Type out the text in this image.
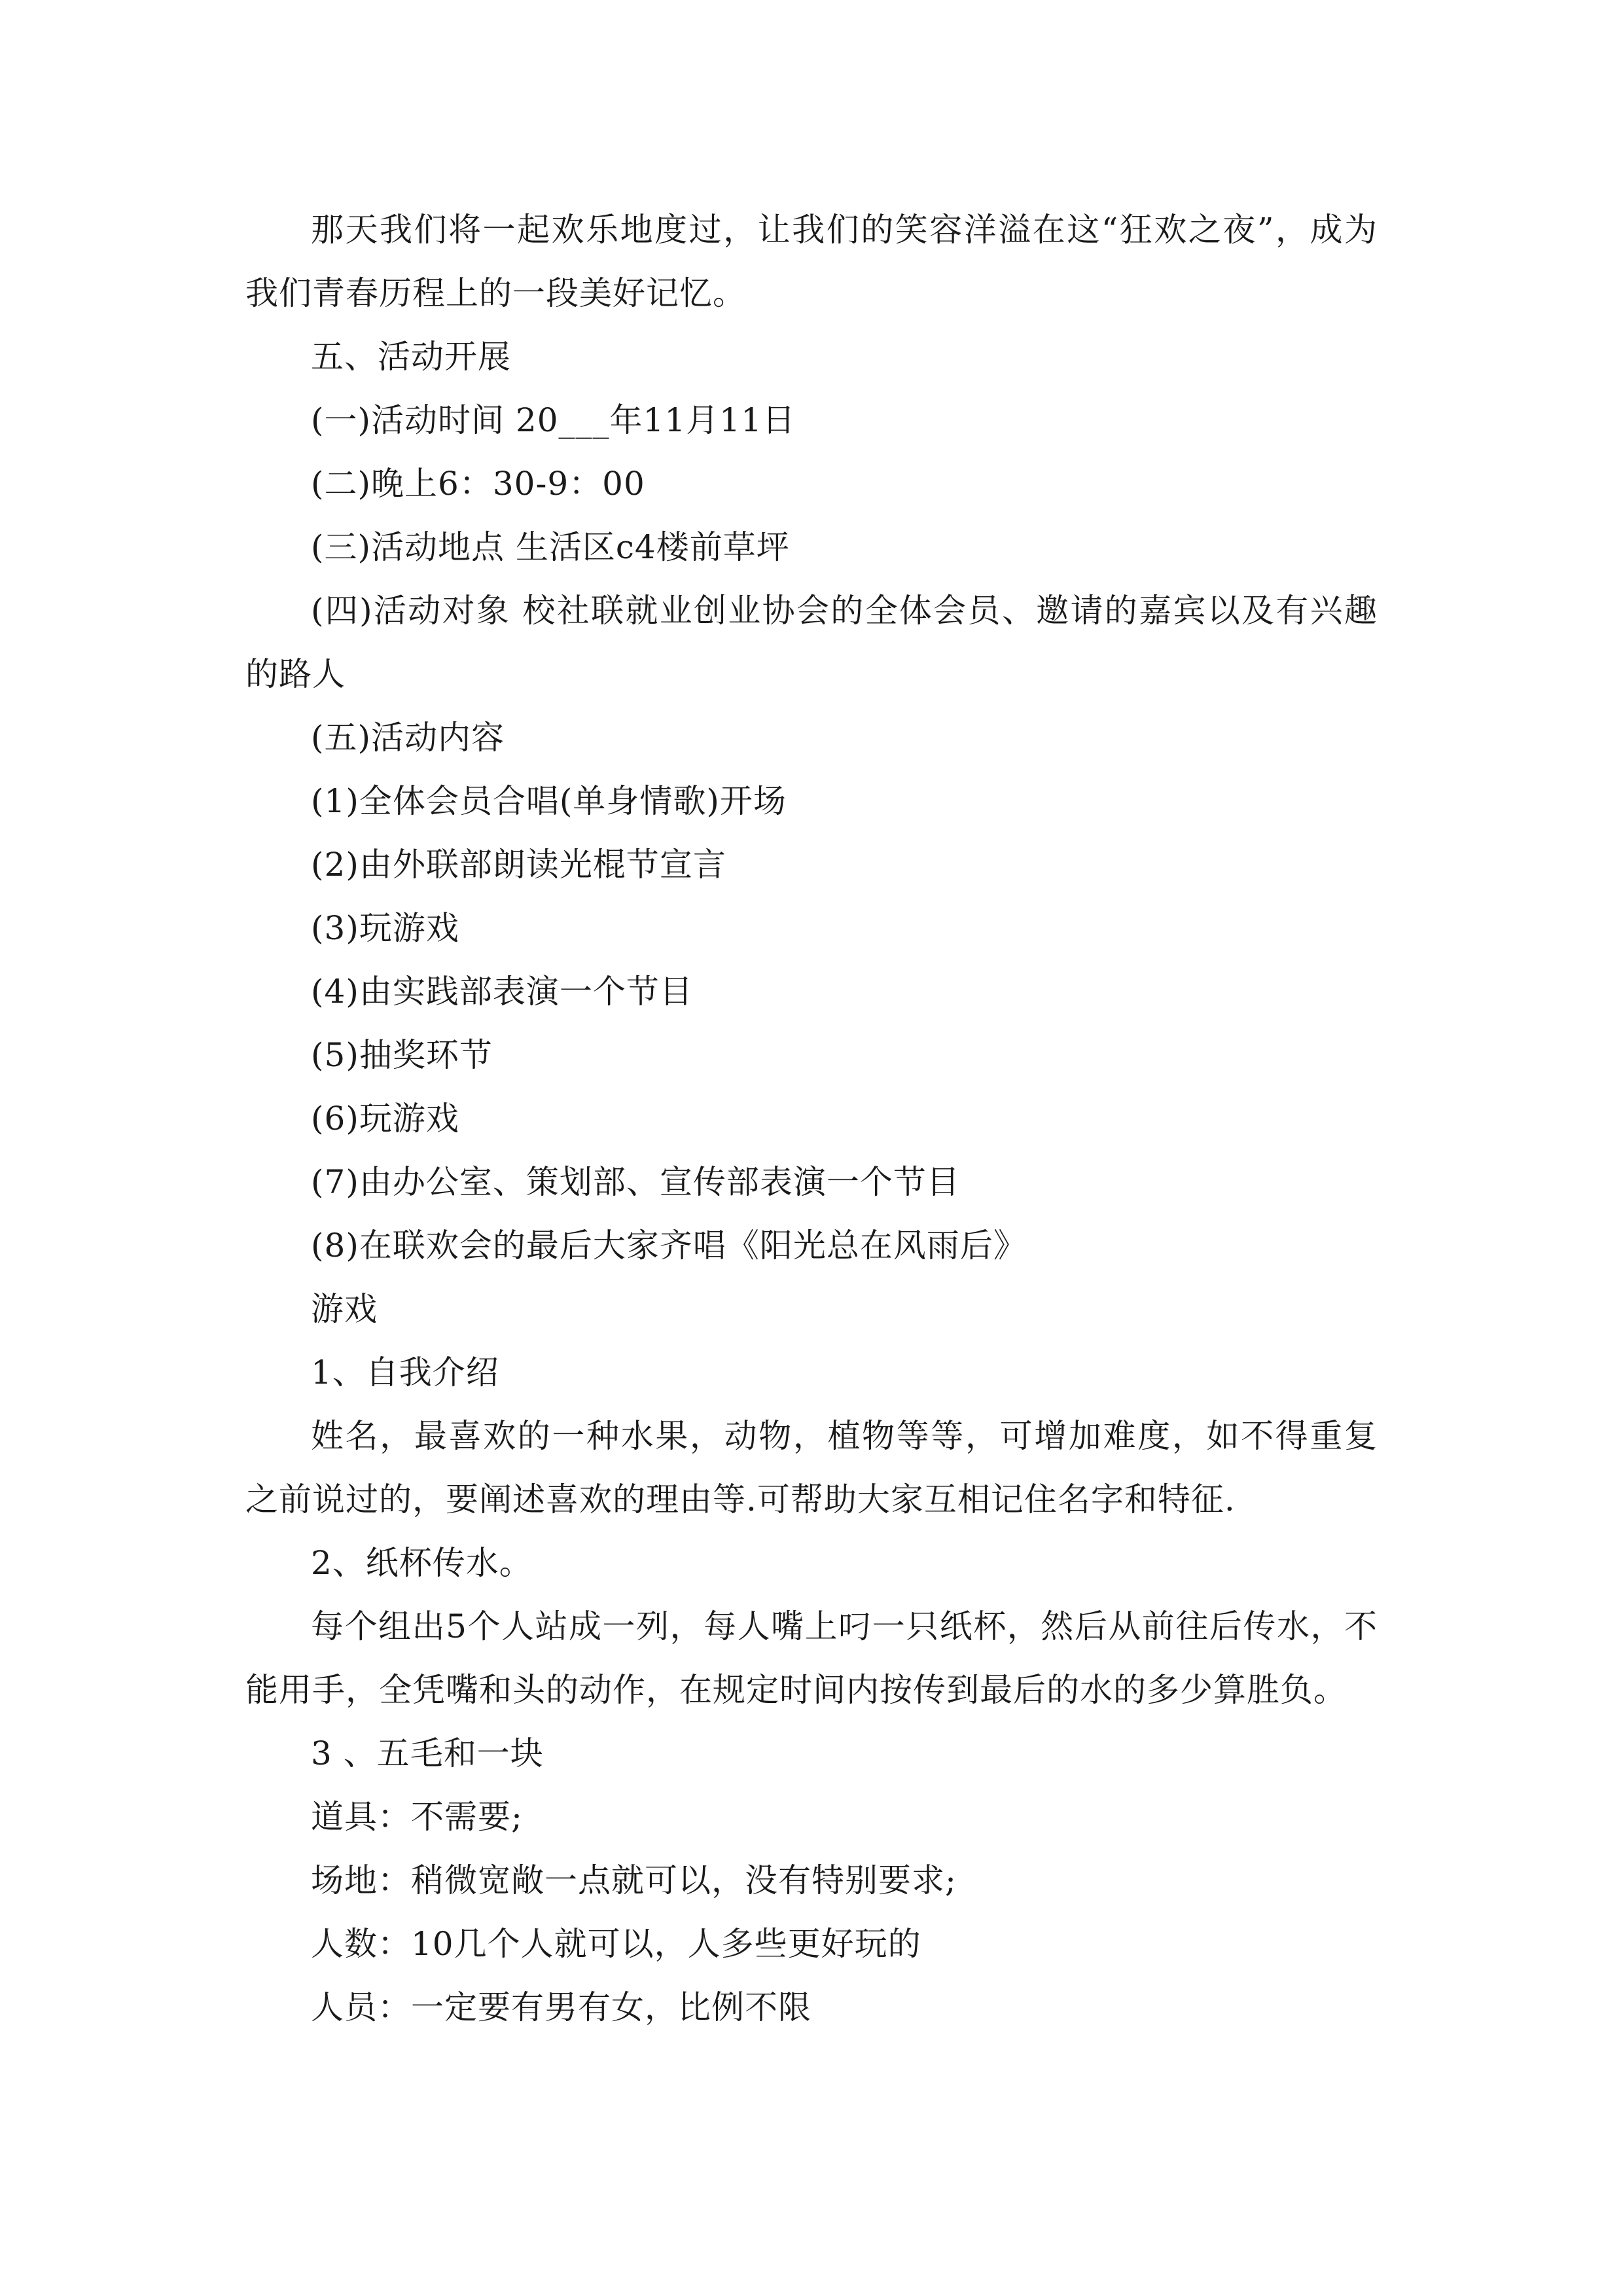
那天我们将一起欢乐地度过，让我们的笑容洋溢在这“狂欢之夜”，成为我们青春历程上的一段美好记忆。

五、活动开展

(一)活动时间 20___年11月11日

(二)晚上6：30-9：00

(三)活动地点 生活区c4楼前草坪

(四)活动对象 校社联就业创业协会的全体会员、邀请的嘉宾以及有兴趣的路人

(五)活动内容

(1)全体会员合唱(单身情歌)开场

(2)由外联部朗读光棍节宣言

(3)玩游戏

(4)由实践部表演一个节目

(5)抽奖环节

(6)玩游戏

(7)由办公室、策划部、宣传部表演一个节目

(8)在联欢会的最后大家齐唱《阳光总在风雨后》

游戏

1、自我介绍

姓名，最喜欢的一种水果，动物，植物等等，可增加难度，如不得重复之前说过的，要阐述喜欢的理由等.可帮助大家互相记住名字和特征.

2、纸杯传水。

每个组出5个人站成一列，每人嘴上叼一只纸杯，然后从前往后传水，不能用手，全凭嘴和头的动作，在规定时间内按传到最后的水的多少算胜负。

3 、五毛和一块

道具：不需要;

场地：稍微宽敞一点就可以，没有特别要求;

人数：10几个人就可以，人多些更好玩的

人员：一定要有男有女，比例不限
